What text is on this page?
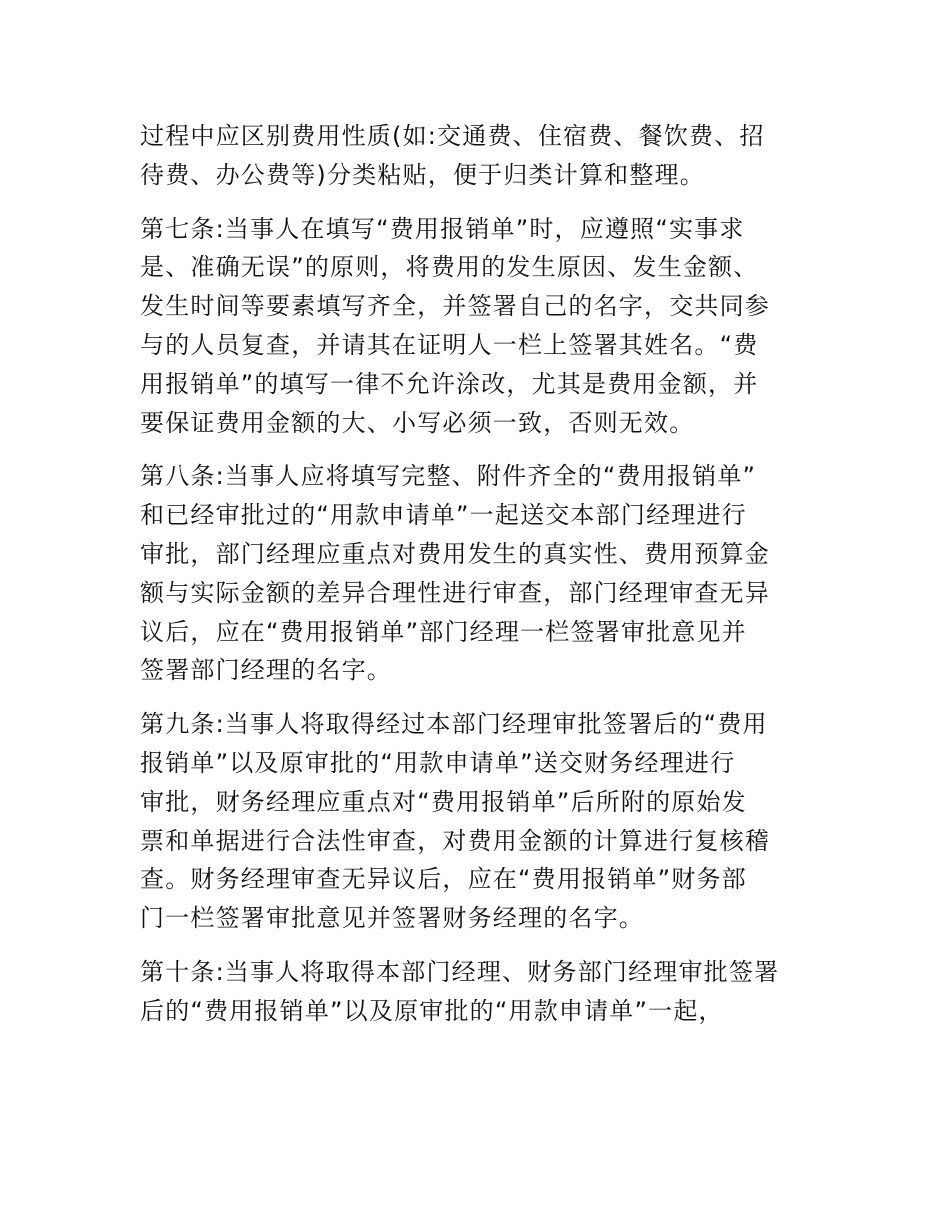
过程中应区别费用性质(如:交通费、住宿费、餐饮费、招
待费、办公费等)分类粘贴，便于归类计算和整理。

第七条:当事人在填写“费用报销单”时，应遵照“实事求
是、准确无误”的原则，将费用的发生原因、发生金额、
发生时间等要素填写齐全，并签署自己的名字，交共同参
与的人员复查，并请其在证明人一栏上签署其姓名。“费
用报销单”的填写一律不允许涂改，尤其是费用金额，并
要保证费用金额的大、小写必须一致，否则无效。

第八条:当事人应将填写完整、附件齐全的“费用报销单”
和已经审批过的“用款申请单”一起送交本部门经理进行
审批，部门经理应重点对费用发生的真实性、费用预算金
额与实际金额的差异合理性进行审查，部门经理审查无异
议后，应在“费用报销单”部门经理一栏签署审批意见并
签署部门经理的名字。

第九条:当事人将取得经过本部门经理审批签署后的“费用
报销单”以及原审批的“用款申请单”送交财务经理进行
审批，财务经理应重点对“费用报销单”后所附的原始发
票和单据进行合法性审查，对费用金额的计算进行复核稽
查。财务经理审查无异议后，应在“费用报销单”财务部
门一栏签署审批意见并签署财务经理的名字。

第十条:当事人将取得本部门经理、财务部门经理审批签署
后的“费用报销单”以及原审批的“用款申请单”一起，
